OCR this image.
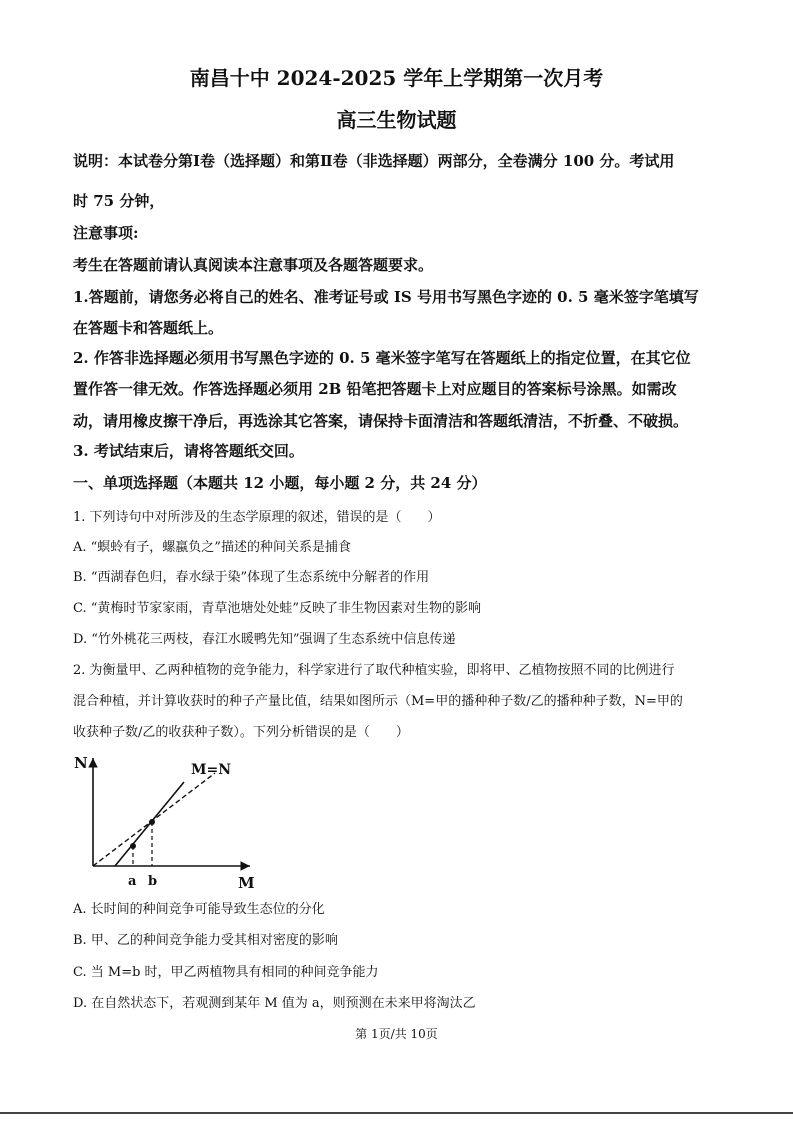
南昌十中 2024-2025 学年上学期第一次月考
高三生物试题
说明：本试卷分第Ⅰ卷（选择题）和第Ⅱ卷（非选择题）两部分，全卷满分 100 分。考试用
时 75 分钟，
注意事项:
考生在答题前请认真阅读本注意事项及各题答题要求。
1.答题前，请您务必将自己的姓名、准考证号或 IS 号用书写黑色字迹的 0. 5 毫米签字笔填写
在答题卡和答题纸上。
2. 作答非选择题必须用书写黑色字迹的 0. 5 毫米签字笔写在答题纸上的指定位置，在其它位
置作答一律无效。作答选择题必须用 2B 铅笔把答题卡上对应题目的答案标号涂黑。如需改
动，请用橡皮擦干净后，再选涂其它答案，请保持卡面清洁和答题纸清洁，不折叠、不破损。
3. 考试结束后，请将答题纸交回。
一、单项选择题（本题共 12 小题，每小题 2 分，共 24 分）
1. 下列诗句中对所涉及的生态学原理的叙述，错误的是（　　）
A. “螟蛉有子，螺蠃负之”描述的种间关系是捕食
B. “西湖春色归，春水绿于染”体现了生态系统中分解者的作用
C. “黄梅时节家家雨，青草池塘处处蛙”反映了非生物因素对生物的影响
D. “竹外桃花三两枝，春江水暖鸭先知”强调了生态系统中信息传递
2. 为衡量甲、乙两种植物的竞争能力，科学家进行了取代种植实验，即将甲、乙植物按照不同的比例进行
混合种植，并计算收获时的种子产量比值，结果如图所示（M=甲的播种种子数/乙的播种种子数，N=甲的
收获种子数/乙的收获种子数）。下列分析错误的是（　　）
N
M
M=N
a b
A. 长时间的种间竞争可能导致生态位的分化
B. 甲、乙的种间竞争能力受其相对密度的影响
C. 当 M=b 时，甲乙两植物具有相同的种间竞争能力
D. 在自然状态下，若观测到某年 M 值为 a，则预测在未来甲将淘汰乙
第 1页/共 10页
